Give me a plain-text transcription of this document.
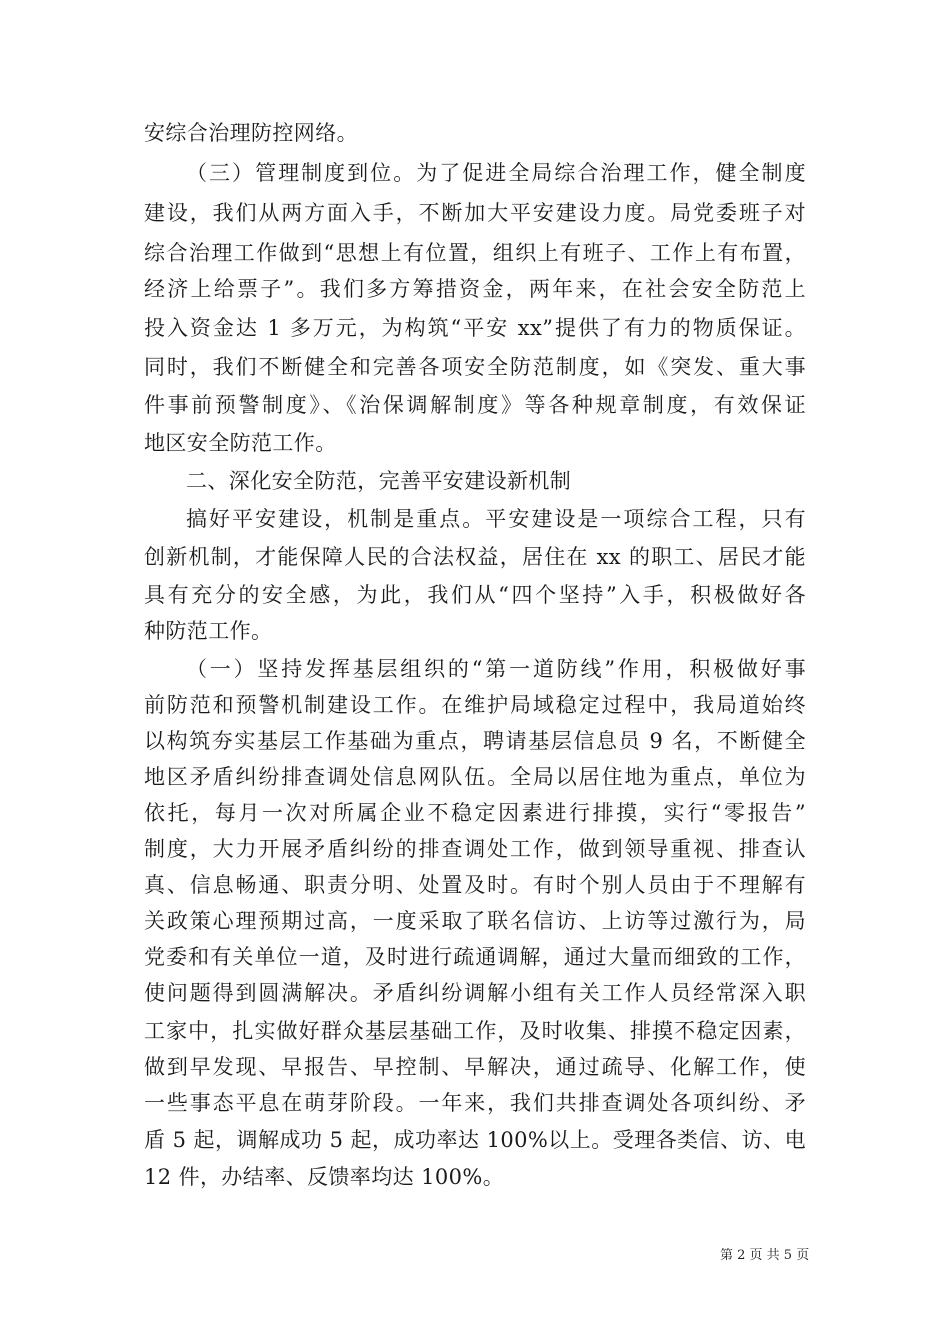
安综合治理防控网络。
（三）管理制度到位。为了促进全局综合治理工作，健全制度
建设，我们从两方面入手，不断加大平安建设力度。局党委班子对
综合治理工作做到“思想上有位置，组织上有班子、工作上有布置，
经济上给票子”。我们多方筹措资金，两年来，在社会安全防范上
投入资金达 1 多万元，为构筑“平安 xx”提供了有力的物质保证。
同时，我们不断健全和完善各项安全防范制度，如《突发、重大事
件事前预警制度》、《治保调解制度》等各种规章制度，有效保证
地区安全防范工作。
二、深化安全防范，完善平安建设新机制
搞好平安建设，机制是重点。平安建设是一项综合工程，只有
创新机制，才能保障人民的合法权益，居住在 xx 的职工、居民才能
具有充分的安全感，为此，我们从“四个坚持”入手，积极做好各
种防范工作。
（一）坚持发挥基层组织的“第一道防线”作用，积极做好事
前防范和预警机制建设工作。在维护局域稳定过程中，我局道始终
以构筑夯实基层工作基础为重点，聘请基层信息员 9 名，不断健全
地区矛盾纠纷排查调处信息网队伍。全局以居住地为重点，单位为
依托，每月一次对所属企业不稳定因素进行排摸，实行“零报告”
制度，大力开展矛盾纠纷的排查调处工作，做到领导重视、排查认
真、信息畅通、职责分明、处置及时。有时个别人员由于不理解有
关政策心理预期过高，一度采取了联名信访、上访等过激行为，局
党委和有关单位一道，及时进行疏通调解，通过大量而细致的工作，
使问题得到圆满解决。矛盾纠纷调解小组有关工作人员经常深入职
工家中，扎实做好群众基层基础工作，及时收集、排摸不稳定因素，
做到早发现、早报告、早控制、早解决，通过疏导、化解工作，使
一些事态平息在萌芽阶段。一年来，我们共排查调处各项纠纷、矛
盾 5 起，调解成功 5 起，成功率达 100%以上。受理各类信、访、电
12 件，办结率、反馈率均达 100%。
第 2 页 共 5 页
